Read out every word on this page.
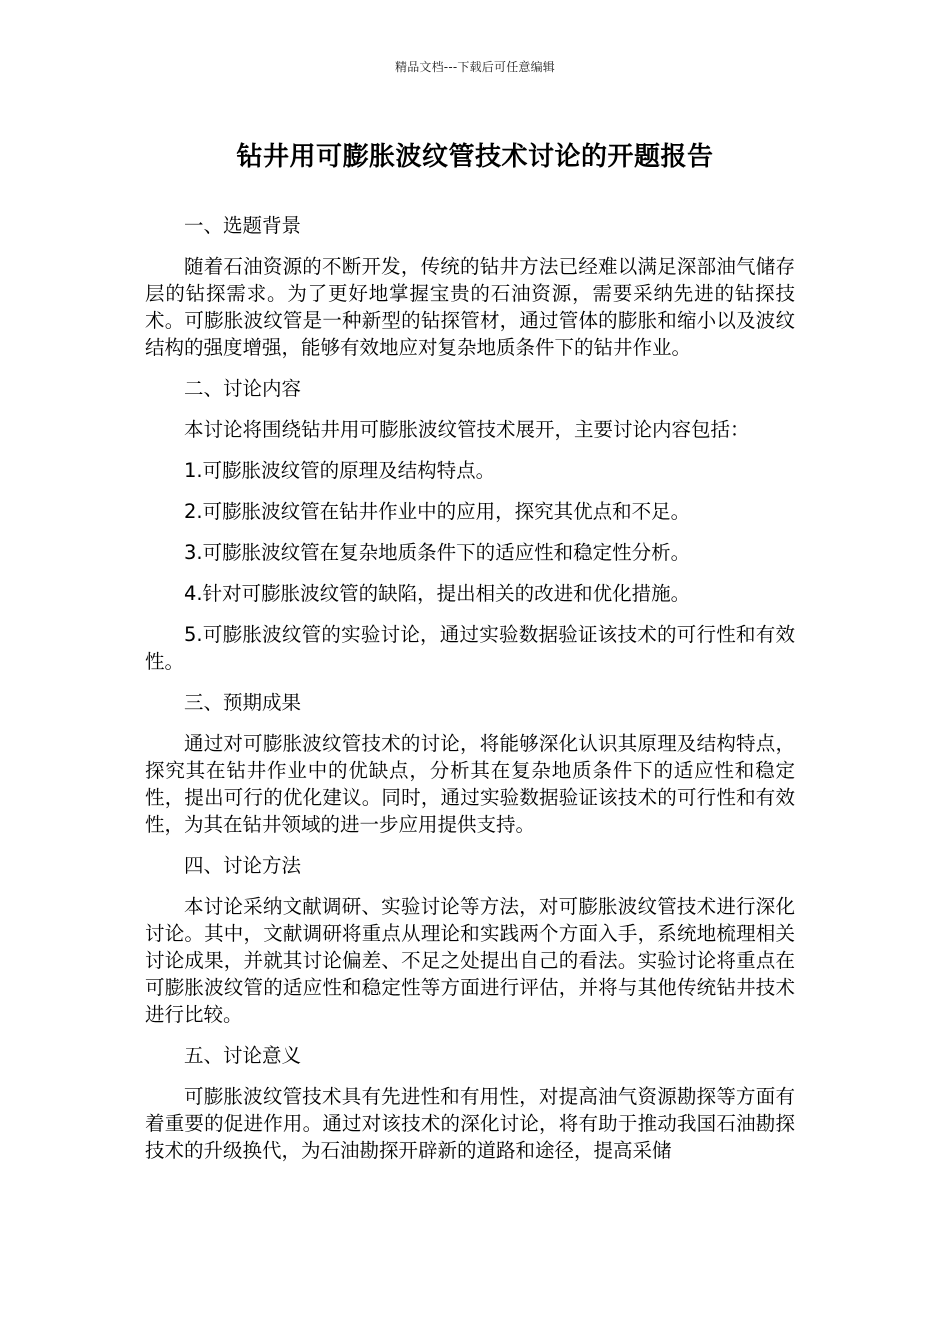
精品文档---下载后可任意编辑
钻井用可膨胀波纹管技术讨论的开题报告

一、选题背景

随着石油资源的不断开发，传统的钻井方法已经难以满足深部油气储存层的钻探需求。为了更好地掌握宝贵的石油资源，需要采纳先进的钻探技术。可膨胀波纹管是一种新型的钻探管材，通过管体的膨胀和缩小以及波纹结构的强度增强，能够有效地应对复杂地质条件下的钻井作业。

二、讨论内容

本讨论将围绕钻井用可膨胀波纹管技术展开，主要讨论内容包括：

1.可膨胀波纹管的原理及结构特点。

2.可膨胀波纹管在钻井作业中的应用，探究其优点和不足。

3.可膨胀波纹管在复杂地质条件下的适应性和稳定性分析。

4.针对可膨胀波纹管的缺陷，提出相关的改进和优化措施。

5.可膨胀波纹管的实验讨论，通过实验数据验证该技术的可行性和有效性。

三、预期成果

通过对可膨胀波纹管技术的讨论，将能够深化认识其原理及结构特点，探究其在钻井作业中的优缺点，分析其在复杂地质条件下的适应性和稳定性，提出可行的优化建议。同时，通过实验数据验证该技术的可行性和有效性，为其在钻井领域的进一步应用提供支持。

四、讨论方法

本讨论采纳文献调研、实验讨论等方法，对可膨胀波纹管技术进行深化讨论。其中，文献调研将重点从理论和实践两个方面入手，系统地梳理相关讨论成果，并就其讨论偏差、不足之处提出自己的看法。实验讨论将重点在可膨胀波纹管的适应性和稳定性等方面进行评估，并将与其他传统钻井技术进行比较。

五、讨论意义

可膨胀波纹管技术具有先进性和有用性，对提高油气资源勘探等方面有着重要的促进作用。通过对该技术的深化讨论，将有助于推动我国石油勘探技术的升级换代，为石油勘探开辟新的道路和途径，提高采储
